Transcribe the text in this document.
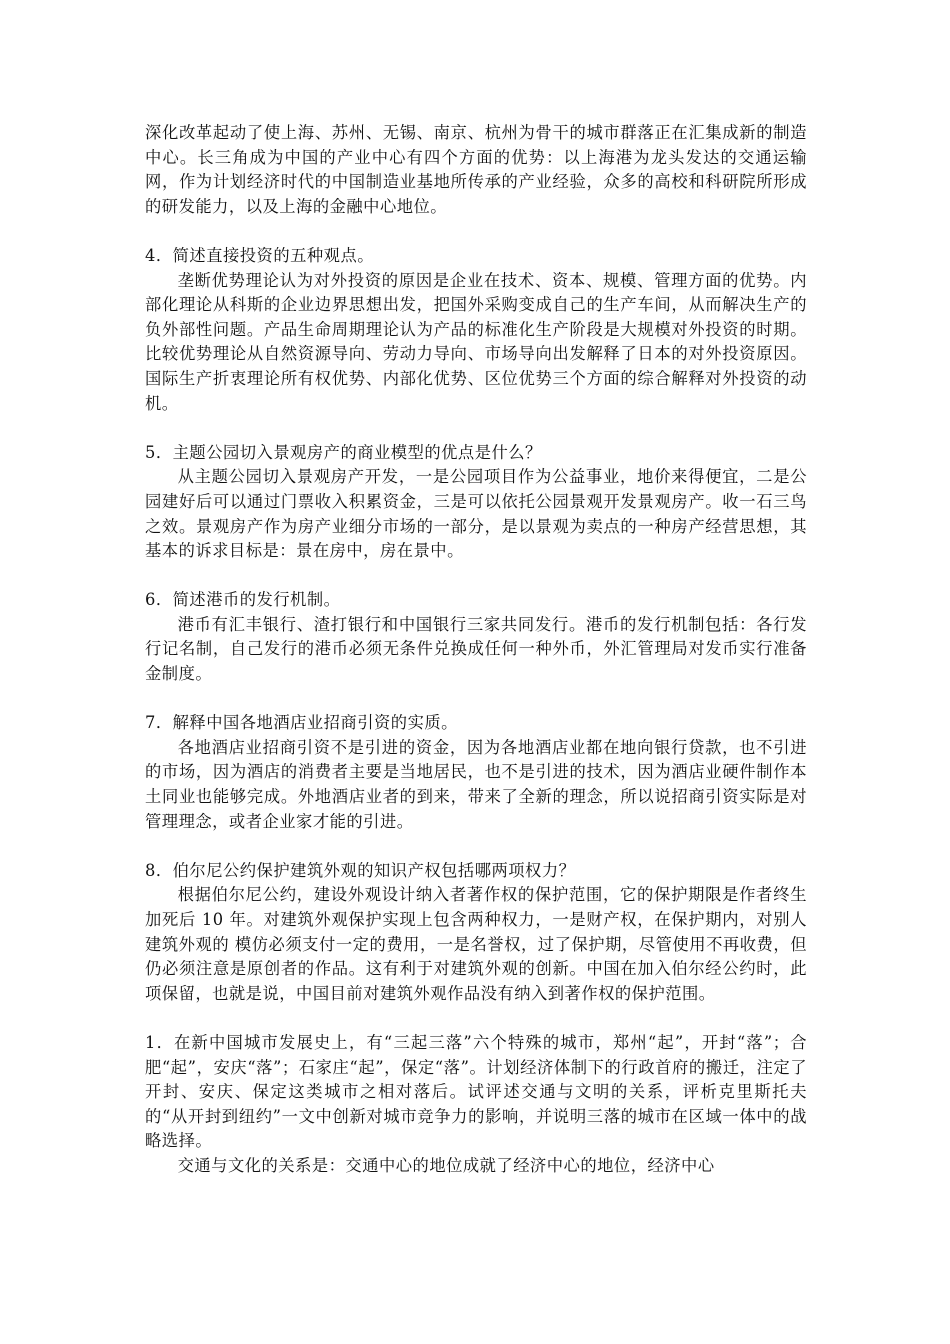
深化改革起动了使上海、苏州、无锡、南京、杭州为骨干的城市群落正在汇集成新的制造中心。长三角成为中国的产业中心有四个方面的优势：以上海港为龙头发达的交通运输网，作为计划经济时代的中国制造业基地所传承的产业经验，众多的高校和科研院所形成的研发能力，以及上海的金融中心地位。

4．简述直接投资的五种观点。

垄断优势理论认为对外投资的原因是企业在技术、资本、规模、管理方面的优势。内部化理论从科斯的企业边界思想出发，把国外采购变成自己的生产车间，从而解决生产的负外部性问题。产品生命周期理论认为产品的标准化生产阶段是大规模对外投资的时期。比较优势理论从自然资源导向、劳动力导向、市场导向出发解释了日本的对外投资原因。国际生产折衷理论所有权优势、内部化优势、区位优势三个方面的综合解释对外投资的动机。

5．主题公园切入景观房产的商业模型的优点是什么？

从主题公园切入景观房产开发，一是公园项目作为公益事业，地价来得便宜，二是公园建好后可以通过门票收入积累资金，三是可以依托公园景观开发景观房产。收一石三鸟之效。景观房产作为房产业细分市场的一部分，是以景观为卖点的一种房产经营思想，其基本的诉求目标是：景在房中，房在景中。

6．简述港币的发行机制。

港币有汇丰银行、渣打银行和中国银行三家共同发行。港币的发行机制包括：各行发行记名制，自己发行的港币必须无条件兑换成任何一种外币，外汇管理局对发币实行准备金制度。

7．解释中国各地酒店业招商引资的实质。

各地酒店业招商引资不是引进的资金，因为各地酒店业都在地向银行贷款，也不引进的市场，因为酒店的消费者主要是当地居民，也不是引进的技术，因为酒店业硬件制作本土同业也能够完成。外地酒店业者的到来，带来了全新的理念，所以说招商引资实际是对管理理念，或者企业家才能的引进。

8．伯尔尼公约保护建筑外观的知识产权包括哪两项权力？

根据伯尔尼公约，建设外观设计纳入者著作权的保护范围，它的保护期限是作者终生加死后 10 年。对建筑外观保护实现上包含两种权力，一是财产权，在保护期内，对别人建筑外观的 模仿必须支付一定的费用，一是名誉权，过了保护期，尽管使用不再收费，但仍必须注意是原创者的作品。这有利于对建筑外观的创新。中国在加入伯尔经公约时，此 项保留，也就是说，中国目前对建筑外观作品没有纳入到著作权的保护范围。

1．在新中国城市发展史上，有“三起三落”六个特殊的城市，郑州“起”，开封“落”；合肥“起”，安庆“落”；石家庄“起”，保定“落”。计划经济体制下的行政首府的搬迁，注定了开封、安庆、保定这类城市之相对落后。试评述交通与文明的关系，评析克里斯托夫的“从开封到纽约”一文中创新对城市竞争力的影响，并说明三落的城市在区域一体中的战略选择。

交通与文化的关系是：交通中心的地位成就了经济中心的地位，经济中心
